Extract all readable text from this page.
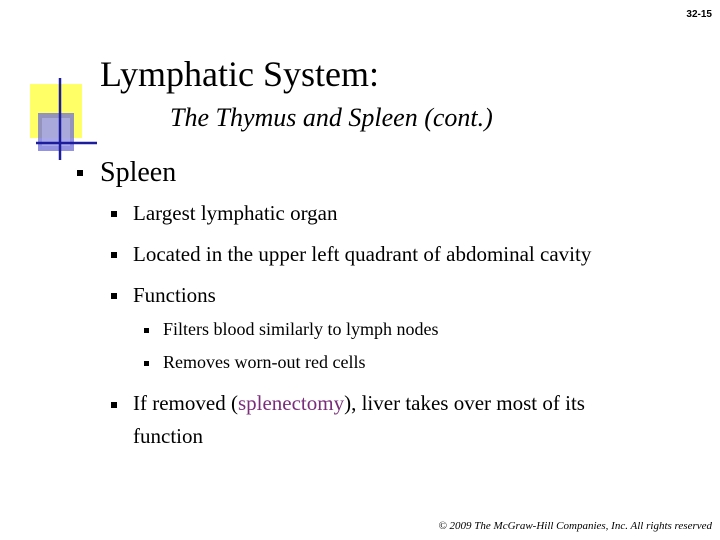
32-15
Lymphatic System:
The Thymus and Spleen (cont.)
Spleen
Largest lymphatic organ
Located in the upper left quadrant of abdominal cavity
Functions
Filters blood similarly to lymph nodes
Removes worn-out red cells
If removed (splenectomy), liver takes over most of its
function
© 2009 The McGraw-Hill Companies, Inc. All rights reserved
